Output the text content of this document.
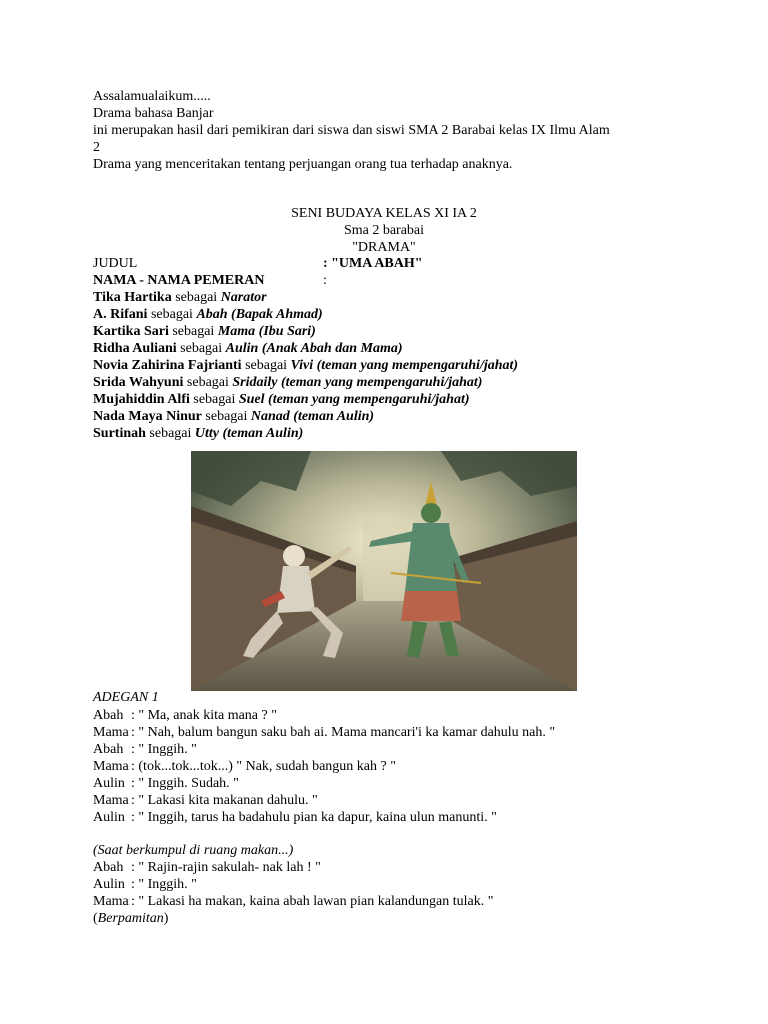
Assalamualaikum.....
Drama bahasa Banjar
ini merupakan hasil dari pemikiran dari siswa dan siswi SMA 2 Barabai kelas IX Ilmu Alam
2
Drama yang menceritakan tentang perjuangan orang tua terhadap anaknya.
SENI BUDAYA KELAS XI IA 2
Sma 2 barabai
"DRAMA"
JUDUL	: "UMA ABAH"
NAMA - NAMA PEMERAN	:
Tika Hartika sebagai Narator
A. Rifani sebagai Abah (Bapak Ahmad)
Kartika Sari sebagai Mama (Ibu Sari)
Ridha Auliani sebagai Aulin (Anak Abah dan Mama)
Novia Zahirina Fajrianti sebagai Vivi (teman yang mempengaruhi/jahat)
Srida Wahyuni sebagai Sridaily (teman yang mempengaruhi/jahat)
Mujahiddin Alfi sebagai Suel (teman yang mempengaruhi/jahat)
Nada Maya Ninur sebagai Nanad (teman Aulin)
Surtinah sebagai Utty (teman Aulin)
ADEGAN 1
Abah : " Ma, anak kita mana ? "
Mama : " Nah, balum bangun saku bah ai. Mama mancari'i ka kamar dahulu nah. "
Abah : " Inggih. "
Mama : (tok...tok...tok...) " Nak, sudah bangun kah ? "
Aulin : " Inggih. Sudah. "
Mama : " Lakasi kita makanan dahulu. "
Aulin : " Inggih, tarus ha badahulu pian ka dapur, kaina ulun manunti. "
(Saat berkumpul di ruang makan...)
Abah : " Rajin-rajin sakulah- nak lah ! "
Aulin : " Inggih. "
Mama : " Lakasi ha makan, kaina abah lawan pian kalandungan tulak. "
(Berpamitan)
